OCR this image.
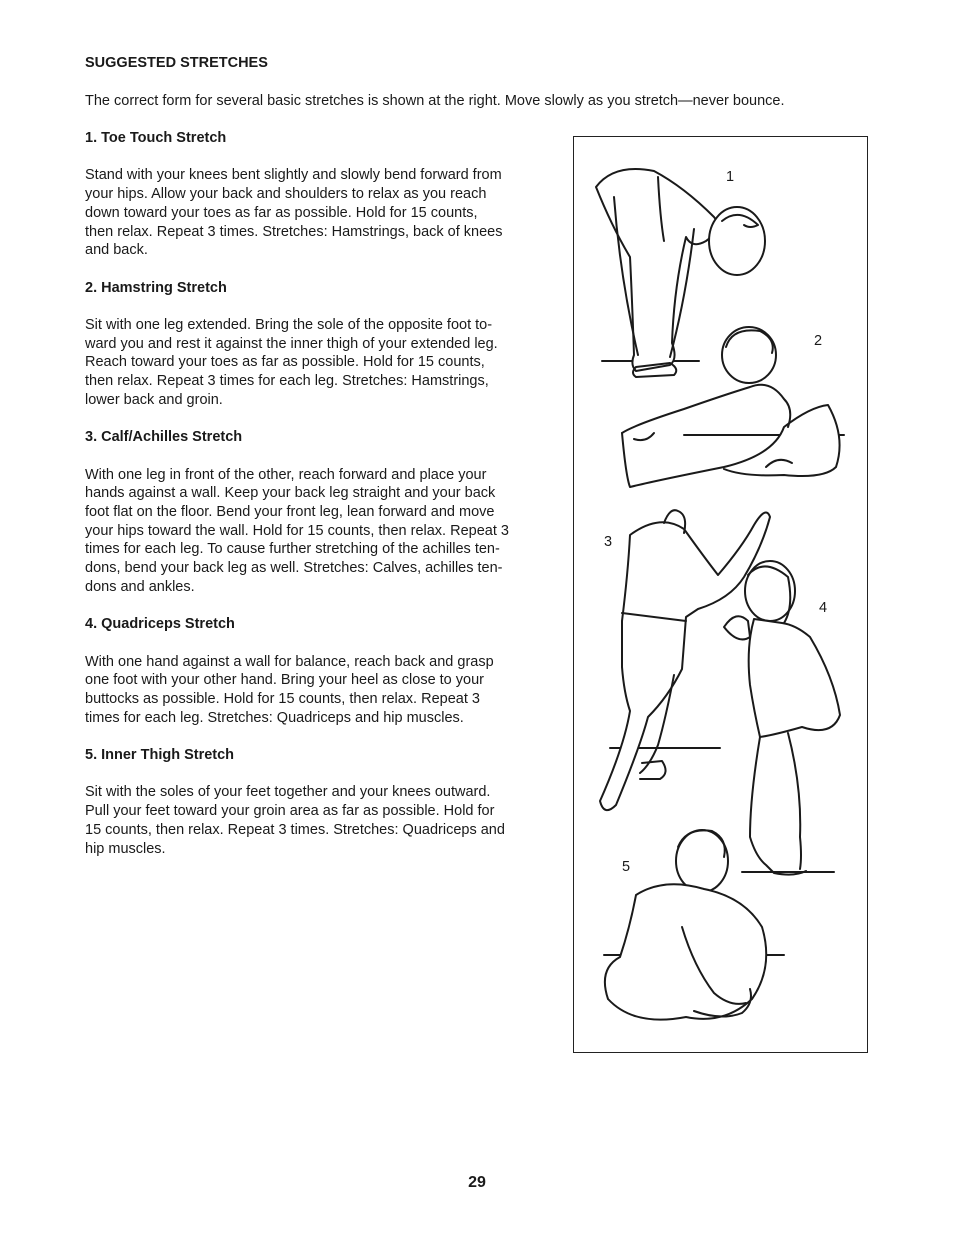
SUGGESTED STRETCHES
The correct form for several basic stretches is shown at the right. Move slowly as you stretch—never bounce.
1. Toe Touch Stretch
Stand with your knees bent slightly and slowly bend forward from
your hips. Allow your back and shoulders to relax as you reach
down toward your toes as far as possible. Hold for 15 counts,
then relax. Repeat 3 times. Stretches: Hamstrings, back of knees
and back.
2. Hamstring Stretch
Sit with one leg extended. Bring the sole of the opposite foot to-
ward you and rest it against the inner thigh of your extended leg.
Reach toward your toes as far as possible. Hold for 15 counts,
then relax. Repeat 3 times for each leg. Stretches: Hamstrings,
lower back and groin.
3. Calf/Achilles Stretch
With one leg in front of the other, reach forward and place your
hands against a wall. Keep your back leg straight and your back
foot flat on the floor. Bend your front leg, lean forward and move
your hips toward the wall. Hold for 15 counts, then relax. Repeat 3
times for each leg. To cause further stretching of the achilles ten-
dons, bend your back leg as well. Stretches: Calves, achilles ten-
dons and ankles.
4. Quadriceps Stretch
With one hand against a wall for balance, reach back and grasp
one foot with your other hand. Bring your heel as close to your
buttocks as possible. Hold for 15 counts, then relax. Repeat 3
times for each leg. Stretches: Quadriceps and hip muscles.
5. Inner Thigh Stretch
Sit with the soles of your feet together and your knees outward.
Pull your feet toward your groin area as far as possible. Hold for
15 counts, then relax. Repeat 3 times. Stretches: Quadriceps and
hip muscles.
1
2
3
4
5
29
